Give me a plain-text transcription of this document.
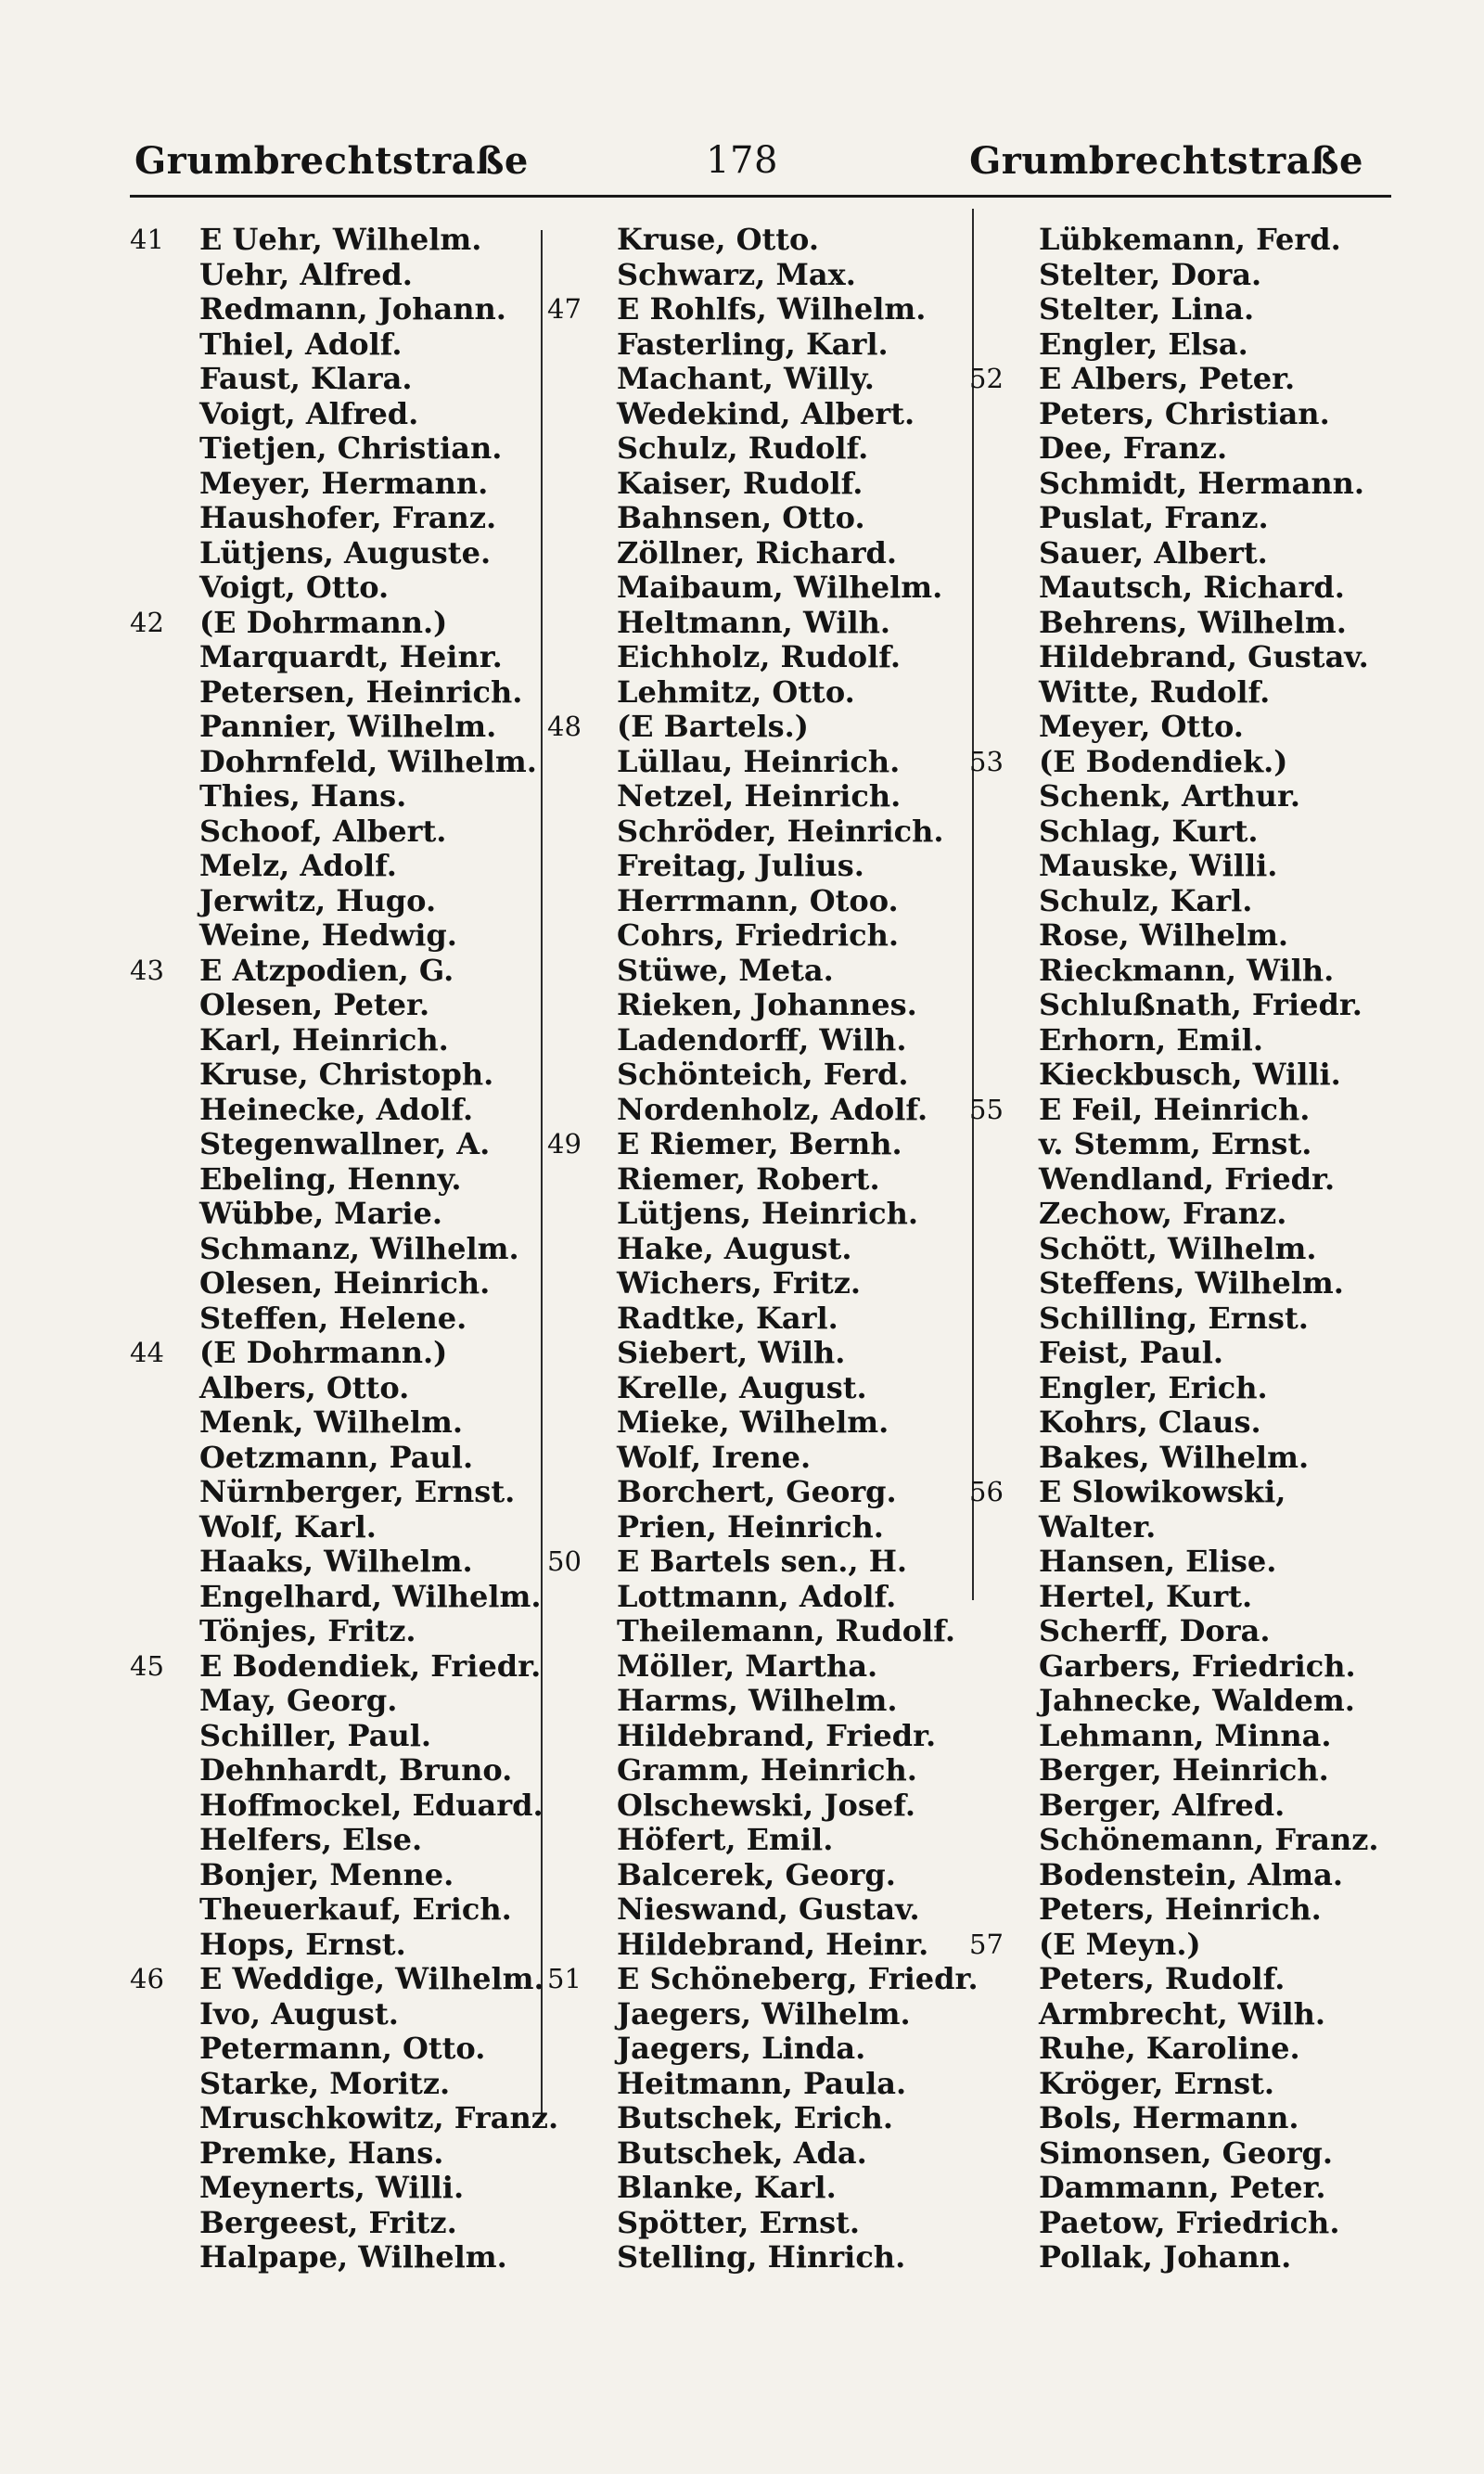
Grumbrechtstraße	178	Grumbrechtstraße
41	E Uehr, Wilhelm.
Uehr, Alfred.
Redmann, Johann.
Thiel, Adolf.
Faust, Klara.
Voigt, Alfred.
Tietjen, Christian.
Meyer, Hermann.
Haushofer, Franz.
Lütjens, Auguste.
Voigt, Otto.
42	(E Dohrmann.)
Marquardt, Heinr.
Petersen, Heinrich.
Pannier, Wilhelm.
Dohrnfeld, Wilhelm.
Thies, Hans.
Schoof, Albert.
Melz, Adolf.
Jerwitz, Hugo.
Weine, Hedwig.
43	E Atzpodien, G.
Olesen, Peter.
Karl, Heinrich.
Kruse, Christoph.
Heinecke, Adolf.
Stegenwallner, A.
Ebeling, Henny.
Wübbe, Marie.
Schmanz, Wilhelm.
Olesen, Heinrich.
Steffen, Helene.
44	(E Dohrmann.)
Albers, Otto.
Menk, Wilhelm.
Oetzmann, Paul.
Nürnberger, Ernst.
Wolf, Karl.
Haaks, Wilhelm.
Engelhard, Wilhelm.
Tönjes, Fritz.
45	E Bodendiek, Friedr.
May, Georg.
Schiller, Paul.
Dehnhardt, Bruno.
Hoffmockel, Eduard.
Helfers, Else.
Bonjer, Menne.
Theuerkauf, Erich.
Hops, Ernst.
46	E Weddige, Wilhelm.
Ivo, August.
Petermann, Otto.
Starke, Moritz.
Mruschkowitz, Franz.
Premke, Hans.
Meynerts, Willi.
Bergeest, Fritz.
Halpape, Wilhelm.
Kruse, Otto.
Schwarz, Max.
47	E Rohlfs, Wilhelm.
Fasterling, Karl.
Machant, Willy.
Wedekind, Albert.
Schulz, Rudolf.
Kaiser, Rudolf.
Bahnsen, Otto.
Zöllner, Richard.
Maibaum, Wilhelm.
Heltmann, Wilh.
Eichholz, Rudolf.
Lehmitz, Otto.
48	(E Bartels.)
Lüllau, Heinrich.
Netzel, Heinrich.
Schröder, Heinrich.
Freitag, Julius.
Herrmann, Otoo.
Cohrs, Friedrich.
Stüwe, Meta.
Rieken, Johannes.
Ladendorff, Wilh.
Schönteich, Ferd.
Nordenholz, Adolf.
49	E Riemer, Bernh.
Riemer, Robert.
Lütjens, Heinrich.
Hake, August.
Wichers, Fritz.
Radtke, Karl.
Siebert, Wilh.
Krelle, August.
Mieke, Wilhelm.
Wolf, Irene.
Borchert, Georg.
Prien, Heinrich.
50	E Bartels sen., H.
Lottmann, Adolf.
Theilemann, Rudolf.
Möller, Martha.
Harms, Wilhelm.
Hildebrand, Friedr.
Gramm, Heinrich.
Olschewski, Josef.
Höfert, Emil.
Balcerek, Georg.
Nieswand, Gustav.
Hildebrand, Heinr.
51	E Schöneberg, Friedr.
Jaegers, Wilhelm.
Jaegers, Linda.
Heitmann, Paula.
Butschek, Erich.
Butschek, Ada.
Blanke, Karl.
Spötter, Ernst.
Stelling, Hinrich.
Lübkemann, Ferd.
Stelter, Dora.
Stelter, Lina.
Engler, Elsa.
52	E Albers, Peter.
Peters, Christian.
Dee, Franz.
Schmidt, Hermann.
Puslat, Franz.
Sauer, Albert.
Mautsch, Richard.
Behrens, Wilhelm.
Hildebrand, Gustav.
Witte, Rudolf.
Meyer, Otto.
53	(E Bodendiek.)
Schenk, Arthur.
Schlag, Kurt.
Mauske, Willi.
Schulz, Karl.
Rose, Wilhelm.
Rieckmann, Wilh.
Schlußnath, Friedr.
Erhorn, Emil.
Kieckbusch, Willi.
55	E Feil, Heinrich.
v. Stemm, Ernst.
Wendland, Friedr.
Zechow, Franz.
Schött, Wilhelm.
Steffens, Wilhelm.
Schilling, Ernst.
Feist, Paul.
Engler, Erich.
Kohrs, Claus.
Bakes, Wilhelm.
56	E Slowikowski,
Walter.
Hansen, Elise.
Hertel, Kurt.
Scherff, Dora.
Garbers, Friedrich.
Jahnecke, Waldem.
Lehmann, Minna.
Berger, Heinrich.
Berger, Alfred.
Schönemann, Franz.
Bodenstein, Alma.
Peters, Heinrich.
57	(E Meyn.)
Peters, Rudolf.
Armbrecht, Wilh.
Ruhe, Karoline.
Kröger, Ernst.
Bols, Hermann.
Simonsen, Georg.
Dammann, Peter.
Paetow, Friedrich.
Pollak, Johann.
